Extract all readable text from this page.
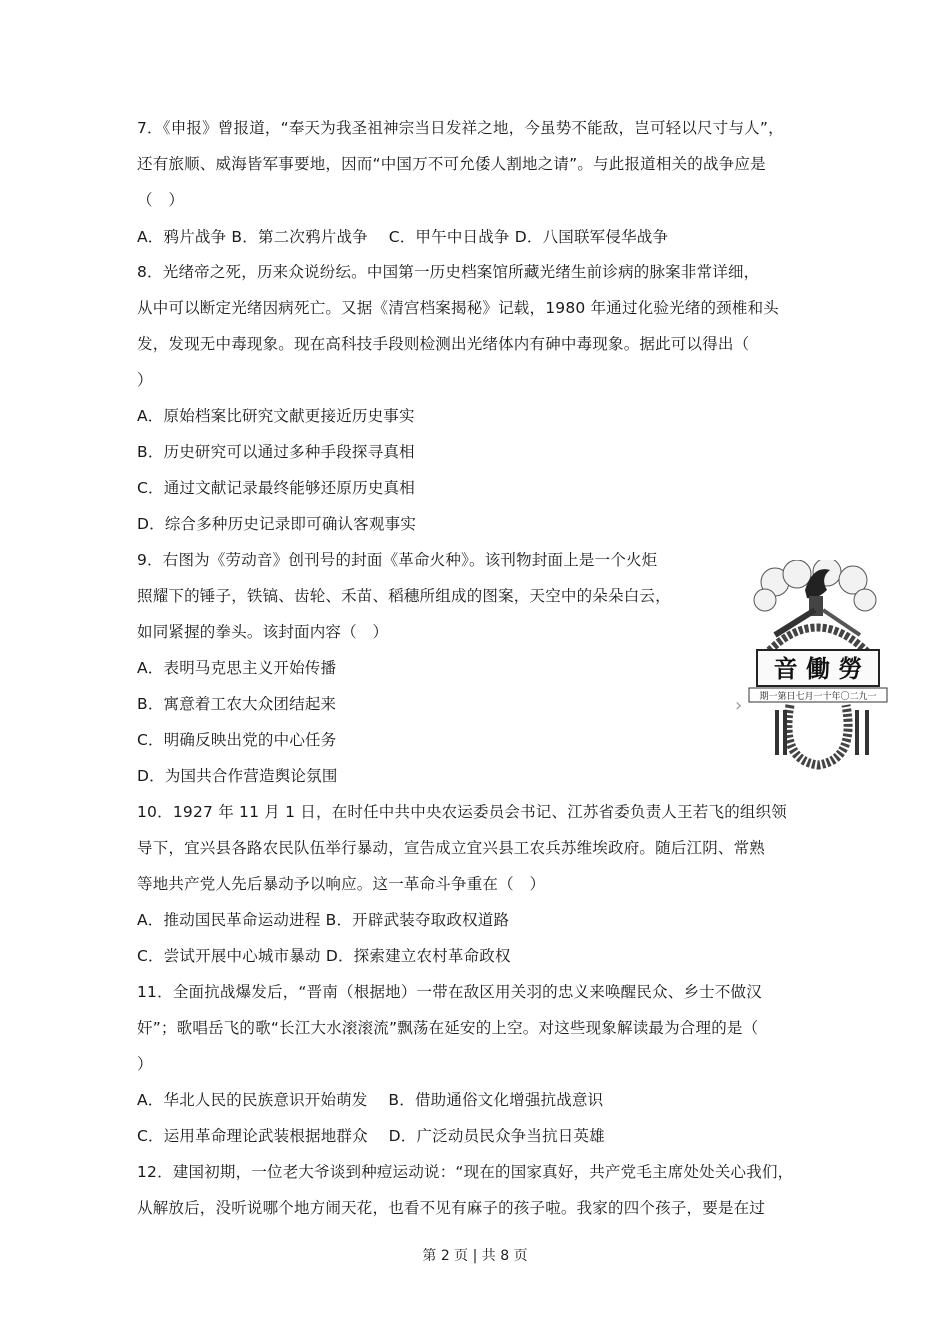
7．《申报》曾报道，“奉天为我圣祖神宗当日发祥之地，今虽势不能敌，岂可轻以尺寸与人”，
还有旅顺、威海皆军事要地，因而“中国万不可允倭人割地之请”。与此报道相关的战争应是
（　）
A．鸦片战争 B．第二次鸦片战争　 C．甲午中日战争 D．八国联军侵华战争
8．光绪帝之死，历来众说纷纭。中国第一历史档案馆所藏光绪生前诊病的脉案非常详细，
从中可以断定光绪因病死亡。又据《清宫档案揭秘》记载，1980 年通过化验光绪的颈椎和头
发，发现无中毒现象。现在高科技手段则检测出光绪体内有砷中毒现象。据此可以得出（
）
A．原始档案比研究文献更接近历史事实
B．历史研究可以通过多种手段探寻真相
C．通过文献记录最终能够还原历史真相
D．综合多种历史记录即可确认客观事实
9．右图为《劳动音》创刊号的封面《革命火种》。该刊物封面上是一个火炬
照耀下的锤子，铁镐、齿轮、禾苗、稻穗所组成的图案，天空中的朵朵白云，
如同紧握的拳头。该封面内容（　）
A．表明马克思主义开始传播
B．寓意着工农大众团结起来
C．明确反映出党的中心任务
D．为国共合作营造舆论氛围
音 働 勞
期一第日七月一十年〇二九一
›
10．1927 年 11 月 1 日，在时任中共中央农运委员会书记、江苏省委负责人王若飞的组织领
导下，宜兴县各路农民队伍举行暴动，宣告成立宜兴县工农兵苏维埃政府。随后江阴、常熟
等地共产党人先后暴动予以响应。这一革命斗争重在（　）
A．推动国民革命运动进程 B．开辟武装夺取政权道路
C．尝试开展中心城市暴动 D．探索建立农村革命政权
11．全面抗战爆发后，“晋南（根据地）一带在敌区用关羽的忠义来唤醒民众、乡士不做汉
奸”；歌唱岳飞的歌“长江大水滚滚流”飘荡在延安的上空。对这些现象解读最为合理的是（
）
A．华北人民的民族意识开始萌发　 B．借助通俗文化增强抗战意识
C．运用革命理论武装根据地群众　 D．广泛动员民众争当抗日英雄
12．建国初期，一位老大爷谈到种痘运动说：“现在的国家真好，共产党毛主席处处关心我们，
从解放后，没听说哪个地方闹天花，也看不见有麻子的孩子啦。我家的四个孩子，要是在过
第 2 页 | 共 8 页
